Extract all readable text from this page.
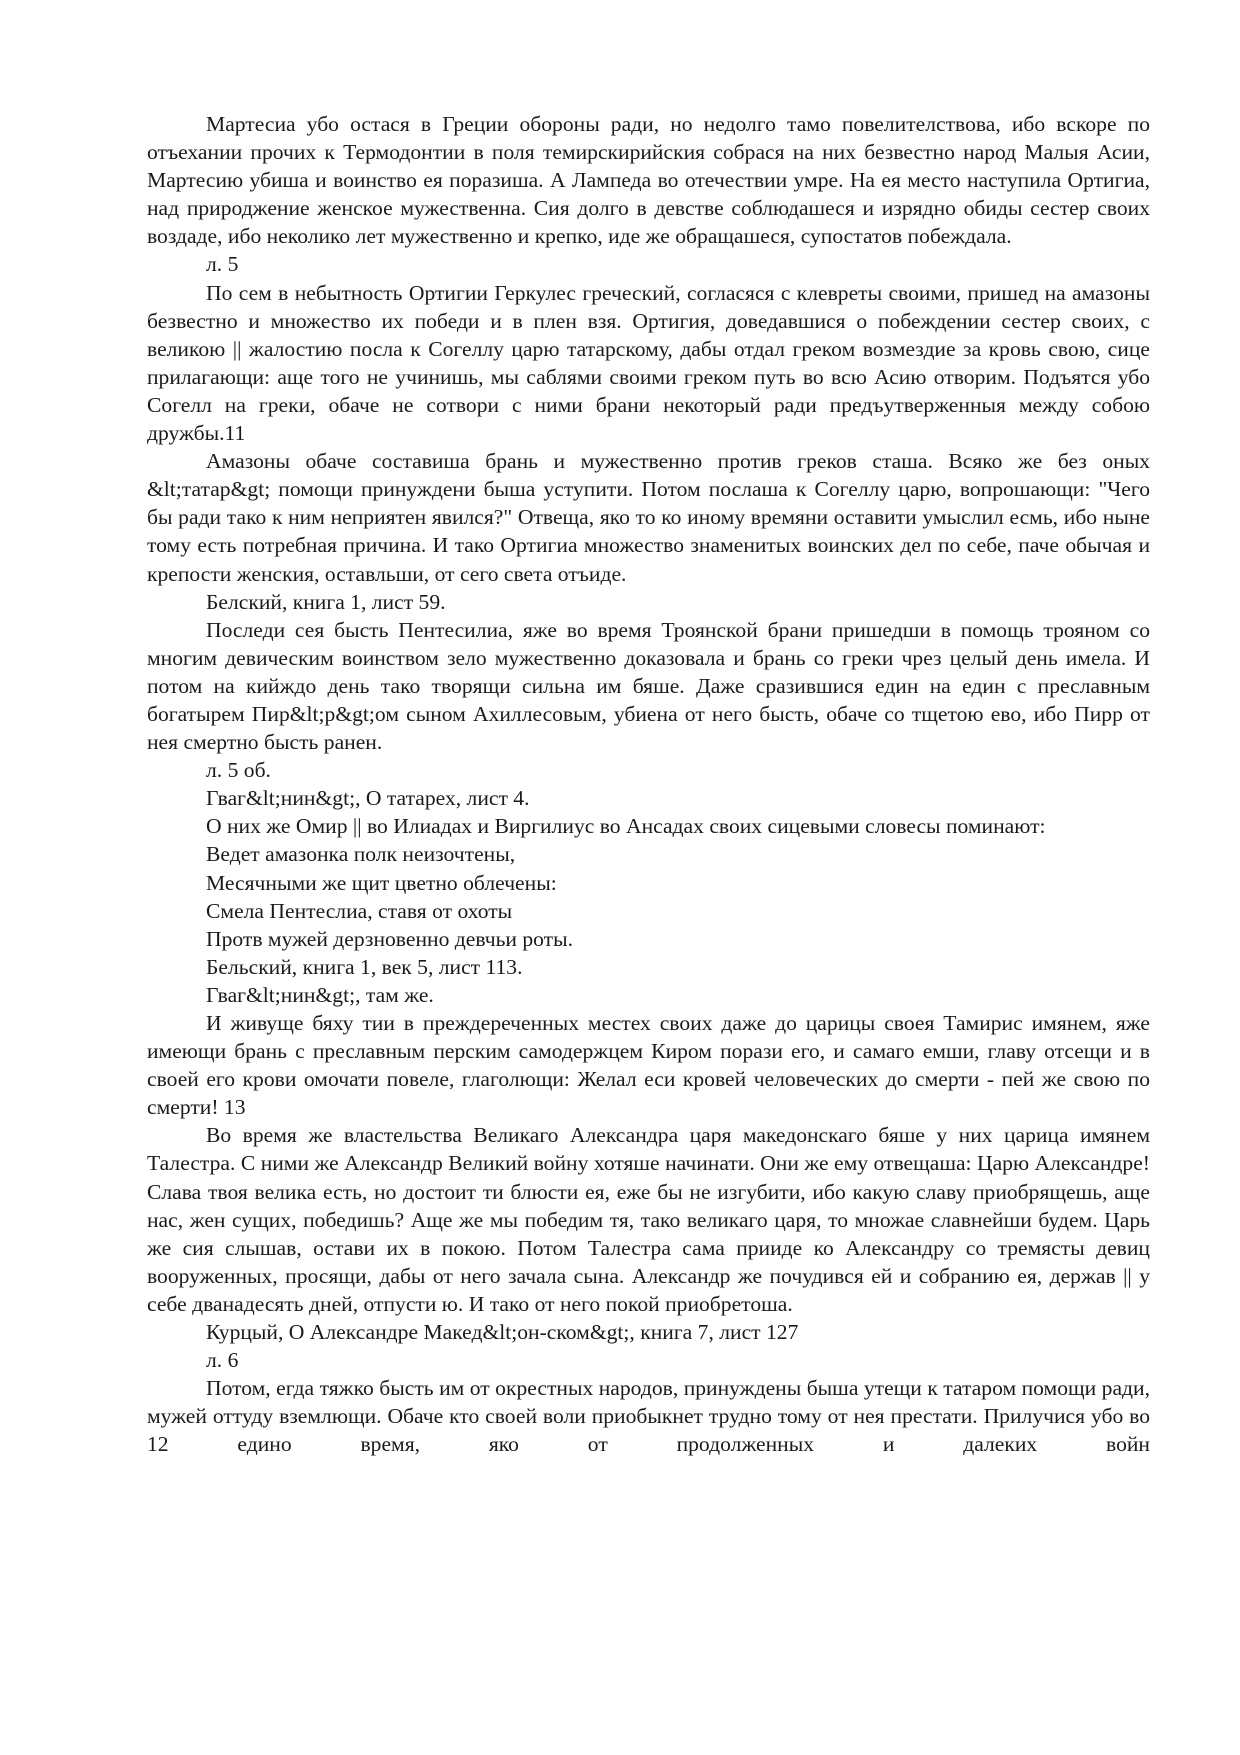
Мартесиа убо остася в Греции обороны ради, но недолго тамо повелителствова, ибо вскоре по отъехании прочих к Термодонтии в поля темирскирийския собрася на них безвестно народ Малыя Асии, Мартесию убиша и воинство ея поразиша. А Лампеда во отечествии умре. На ея место наступила Ортигиа, над природжение женское мужественна. Сия долго в девстве соблюдашеся и изрядно обиды сестер своих воздаде, ибо неколико лет мужественно и крепко, иде же обращашеся, супостатов побеждала.

л. 5

По сем в небытность Ортигии Геркулес греческий, согласяся с клевреты своими, пришед на амазоны безвестно и множество их победи и в плен взя. Ортигия, доведавшися о побеждении сестер своих, с великою || жалостию посла к Согеллу царю татарскому, дабы отдал греком возмездие за кровь свою, сице прилагающи: аще того не учинишь, мы саблями своими греком путь во всю Асию отворим. Подъятся убо Согелл на греки, обаче не сотвори с ними брани некоторый ради предъутверженныя между собою дружбы.11

Амазоны обаче составиша брань и мужественно против греков сташа. Всяко же без оных &lt;татар&gt; помощи принуждени быша уступити. Потом послаша к Согеллу царю, вопрошающи: "Чего бы ради тако к ним неприятен явился?" Отвеща, яко то ко иному времяни оставити умыслил есмь, ибо ныне тому есть потребная причина. И тако Ортигиа множество знаменитых воинских дел по себе, паче обычая и крепости женския, оставльши, от сего света отъиде.

Белский, книга 1, лист 59.

Последи сея бысть Пентесилиа, яже во время Троянской брани пришедши в помощь трояном со многим девическим воинством зело мужественно доказовала и брань со греки чрез целый день имела. И потом на кийждо день тако творящи сильна им бяше. Даже сразившися един на един с преславным богатырем Пир&lt;р&gt;ом сыном Ахиллесовым, убиена от него бысть, обаче со тщетою ево, ибо Пирр от нея смертно бысть ранен.

л. 5 об.

Гваг&lt;нин&gt;, О татарех, лист 4.

О них же Омир || во Илиадах и Виргилиус во Ансадах своих сицевыми словесы поминают:

Ведет амазонка полк неизочтены,

Месячными же щит цветно облечены:

Смела Пентеслиа, ставя от охоты

Протв мужей дерзновенно девчьи роты.

Бельский, книга 1, век 5, лист 113.

Гваг&lt;нин&gt;, там же.

И живуще бяху тии в преждереченных местех своих даже до царицы своея Тамирис имянем, яже имеющи брань с преславным перским самодержцем Киром порази его, и самаго емши, главу отсещи и в своей его крови омочати повеле, глаголющи: Желал еси кровей человеческих до смерти - пей же свою по смерти! 13

Во время же властельства Великаго Александра царя македонскаго бяше у них царица имянем Талестра. С ними же Александр Великий войну хотяше начинати. Они же ему отвещаша: Царю Александре! Слава твоя велика есть, но достоит ти блюсти ея, еже бы не изгубити, ибо какую славу приобрящешь, аще нас, жен сущих, победишь? Аще же мы победим тя, тако великаго царя, то множае славнейши будем. Царь же сия слышав, остави их в покою. Потом Талестра сама прииде ко Александру со тремясты девиц вооруженных, просящи, дабы от него зачала сына. Александр же почудився ей и собранию ея, держав || у себе дванадесять дней, отпусти ю. И тако от него покой приобретоша.

Курцый, О Александре Макед&lt;он-ском&gt;, книга 7, лист 127

л. 6

Потом, егда тяжко бысть им от окрестных народов, принуждены быша утещи к татаром помощи ради, мужей оттуду вземлющи. Обаче кто своей воли приобыкнет трудно тому от нея престати. Прилучися убо во 12 едино время, яко от продолженных и далеких войн
